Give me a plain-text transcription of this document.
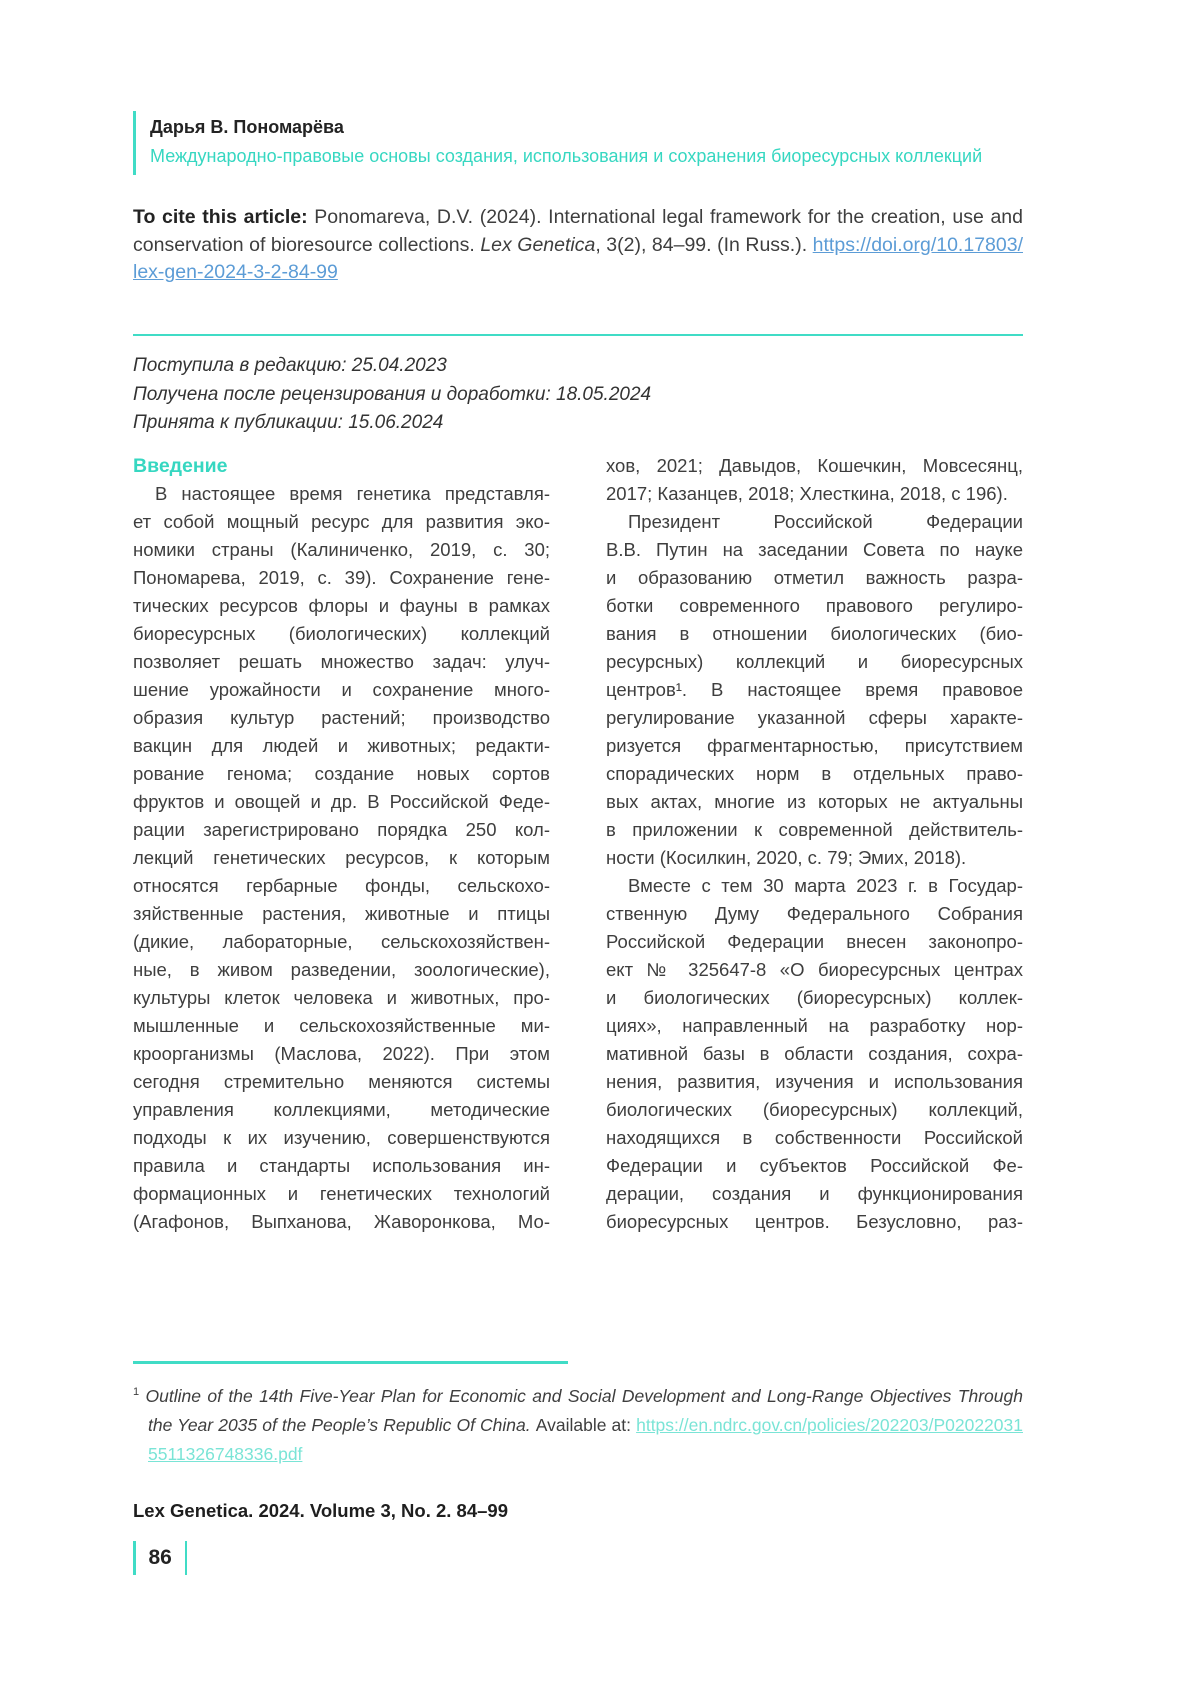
Дарья В. Пономарёва
Международно-правовые основы создания, использования и сохранения биоресурсных коллекций
To cite this article: Ponomareva, D.V. (2024). International legal framework for the creation, use and conservation of bioresource collections. Lex Genetica, 3(2), 84–99. (In Russ.). https://doi.org/10.17803/lex-gen-2024-3-2-84-99
Поступила в редакцию: 25.04.2023
Получена после рецензирования и доработки: 18.05.2024
Принята к публикации: 15.06.2024
Введение
В настоящее время генетика представля-
ет собой мощный ресурс для развития эко-
номики страны (Калиниченко, 2019, с. 30;
Пономарева, 2019, с. 39). Сохранение гене-
тических ресурсов флоры и фауны в рамках
биоресурсных (биологических) коллекций
позволяет решать множество задач: улуч-
шение урожайности и сохранение много-
образия культур растений; производство
вакцин для людей и животных; редакти-
рование генома; создание новых сортов
фруктов и овощей и др. В Российской Феде-
рации зарегистрировано порядка 250 кол-
лекций генетических ресурсов, к которым
относятся гербарные фонды, сельскохо-
зяйственные растения, животные и птицы
(дикие, лабораторные, сельскохозяйствен-
ные, в живом разведении, зоологические),
культуры клеток человека и животных, про-
мышленные и сельскохозяйственные ми-
кроорганизмы (Маслова, 2022). При этом
сегодня стремительно меняются системы
управления коллекциями, методические
подходы к их изучению, совершенствуются
правила и стандарты использования ин-
формационных и генетических технологий
(Агафонов, Выпханова, Жаворонкова, Мо-
хов, 2021; Давыдов, Кошечкин, Мовсесянц,
2017; Казанцев, 2018; Хлесткина, 2018, с 196).
Президент Российской Федерации
В.В. Путин на заседании Совета по науке
и образованию отметил важность разра-
ботки современного правового регулиро-
вания в отношении биологических (био-
ресурсных) коллекций и биоресурсных
центров¹. В настоящее время правовое
регулирование указанной сферы характе-
ризуется фрагментарностью, присутствием
спорадических норм в отдельных право-
вых актах, многие из которых не актуальны
в приложении к современной действитель-
ности (Косилкин, 2020, с. 79; Эмих, 2018).
Вместе с тем 30 марта 2023 г. в Государ-
ственную Думу Федерального Собрания
Российской Федерации внесен законопро-
ект № 325647-8 «О биоресурсных центрах
и биологических (биоресурсных) коллек-
циях», направленный на разработку нор-
мативной базы в области создания, сохра-
нения, развития, изучения и использования
биологических (биоресурсных) коллекций,
находящихся в собственности Российской
Федерации и субъектов Российской Фе-
дерации, создания и функционирования
биоресурсных центров. Безусловно, раз-
$^1$ Outline of the 14th Five-Year Plan for Economic and Social Development and Long-Range Objectives Through the Year 2035 of the People’s Republic Of China. Available at: https://en.ndrc.gov.cn/policies/202203/P020220315511326748336.pdf
Lex Genetica. 2024. Volume 3, No. 2. 84–99
86
